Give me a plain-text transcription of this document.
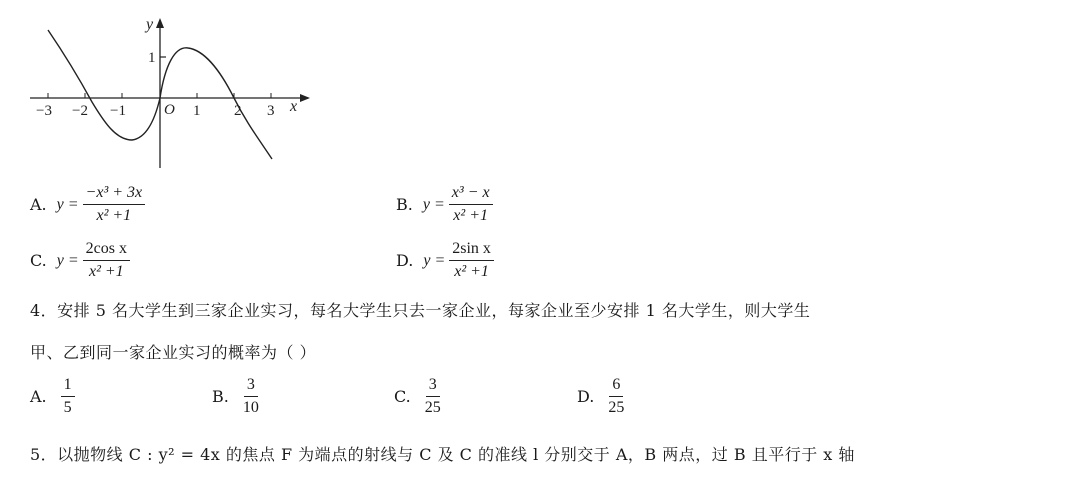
y
1
O	x
−3 −2 −1	1 2 3
A. $y = \frac{\text{−x³ + 3x}}{\text{x² +1}}$	B. $y = \frac{\text{x³ − x}}{\text{x² +1}}$
C. $y = \frac{\text{2cos x}}{\text{x² +1}}$	D. $y = \frac{\text{2sin x}}{\text{x² +1}}$
4．安排 5 名大学生到三家企业实习，每名大学生只去一家企业，每家企业至少安排 1 名大学生，则大学生
甲、乙到同一家企业实习的概率为（ ）
A. $\frac{1}{5}$	B. $\frac{3}{10}$	C. $\frac{3}{25}$	D. $\frac{6}{25}$
5．以抛物线 C : y² = 4x 的焦点 F 为端点的射线与 C 及 C 的准线 l 分别交于 A，B 两点，过 B 且平行于 x 轴
